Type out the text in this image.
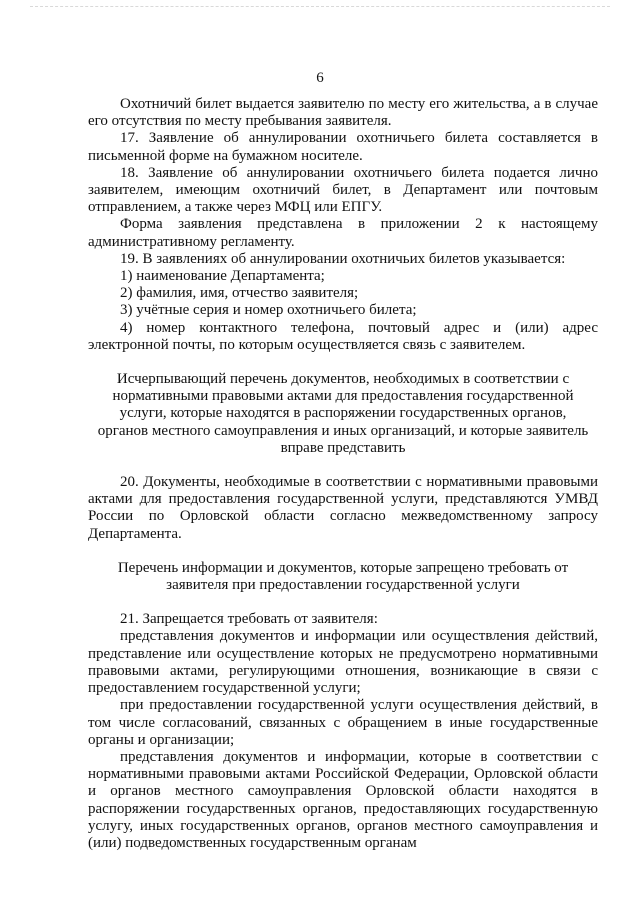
6

Охотничий билет выдается заявителю по месту его жительства, а в случае его отсутствия по месту пребывания заявителя.

17. Заявление об аннулировании охотничьего билета составляется в письменной форме на бумажном носителе.

18. Заявление об аннулировании охотничьего билета подается лично заявителем, имеющим охотничий билет, в Департамент или почтовым отправлением, а также через МФЦ или ЕПГУ.

Форма заявления представлена в приложении 2 к настоящему административному регламенту.

19. В заявлениях об аннулировании охотничьих билетов указывается:

1) наименование Департамента;

2) фамилия, имя, отчество заявителя;

3) учётные серия и номер охотничьего билета;

4) номер контактного телефона, почтовый адрес и (или) адрес электронной почты, по которым осуществляется связь с заявителем.

Исчерпывающий перечень документов, необходимых в соответствии с нормативными правовыми актами для предоставления государственной услуги, которые находятся в распоряжении государственных органов, органов местного самоуправления и иных организаций, и которые заявитель вправе представить

20. Документы, необходимые в соответствии с нормативными правовыми актами для предоставления государственной услуги, представляются УМВД России по Орловской области согласно межведомственному запросу Департамента.

Перечень информации и документов, которые запрещено требовать от заявителя при предоставлении государственной услуги

21. Запрещается требовать от заявителя:

представления документов и информации или осуществления действий, представление или осуществление которых не предусмотрено нормативными правовыми актами, регулирующими отношения, возникающие в связи с предоставлением государственной услуги;

при предоставлении государственной услуги осуществления действий, в том числе согласований, связанных с обращением в иные государственные органы и организации;

представления документов и информации, которые в соответствии с нормативными правовыми актами Российской Федерации, Орловской области и органов местного самоуправления Орловской области находятся в распоряжении государственных органов, предоставляющих государственную услугу, иных государственных органов, органов местного самоуправления и (или) подведомственных государственным органам
